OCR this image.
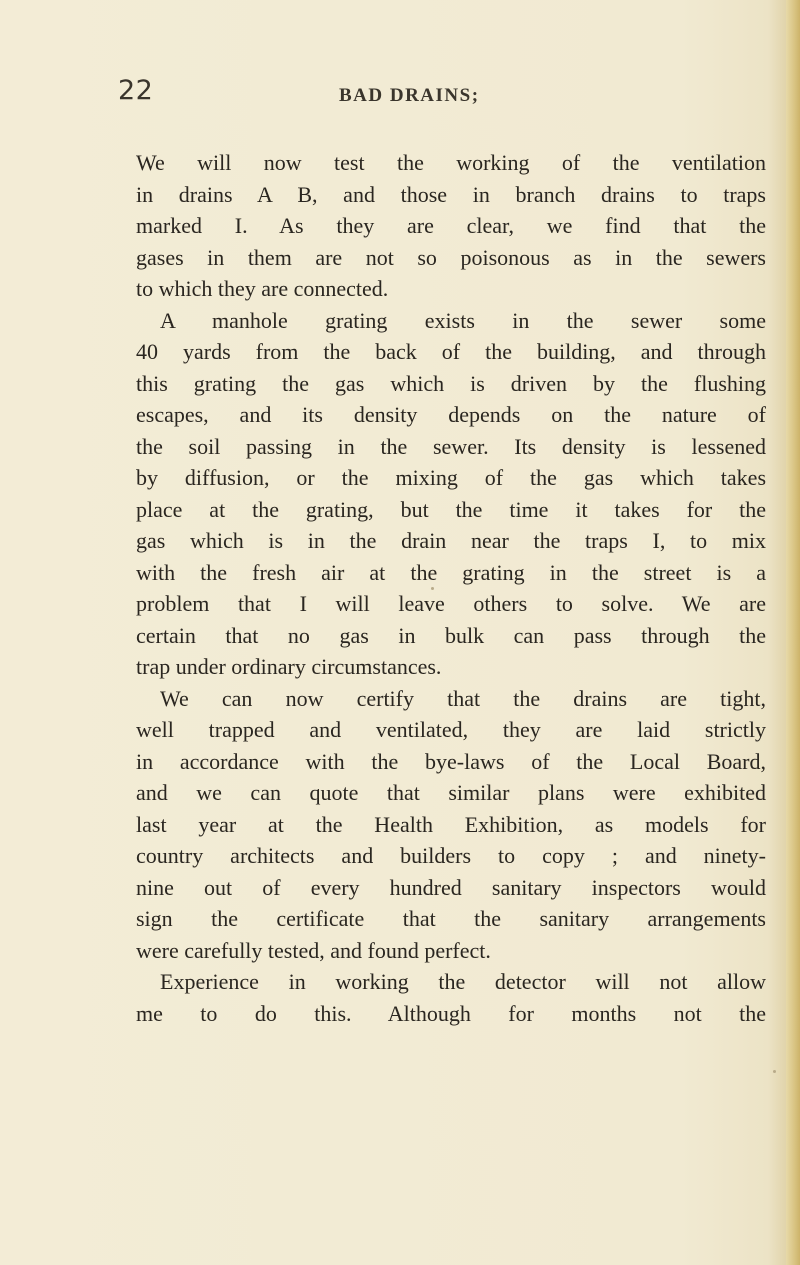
22	BAD DRAINS;
We will now test the working of the ventilation
in drains A B, and those in branch drains to traps
marked I. As they are clear, we find that the
gases in them are not so poisonous as in the sewers
to which they are connected.
A manhole grating exists in the sewer some
40 yards from the back of the building, and through
this grating the gas which is driven by the flushing
escapes, and its density depends on the nature of
the soil passing in the sewer. Its density is lessened
by diffusion, or the mixing of the gas which takes
place at the grating, but the time it takes for the
gas which is in the drain near the traps I, to mix
with the fresh air at the grating in the street is a
problem that I will leave others to solve. We are
certain that no gas in bulk can pass through the
trap under ordinary circumstances.
We can now certify that the drains are tight,
well trapped and ventilated, they are laid strictly
in accordance with the bye-laws of the Local Board,
and we can quote that similar plans were exhibited
last year at the Health Exhibition, as models for
country architects and builders to copy ; and ninety-
nine out of every hundred sanitary inspectors would
sign the certificate that the sanitary arrangements
were carefully tested, and found perfect.
Experience in working the detector will not allow
me to do this. Although for months not the
